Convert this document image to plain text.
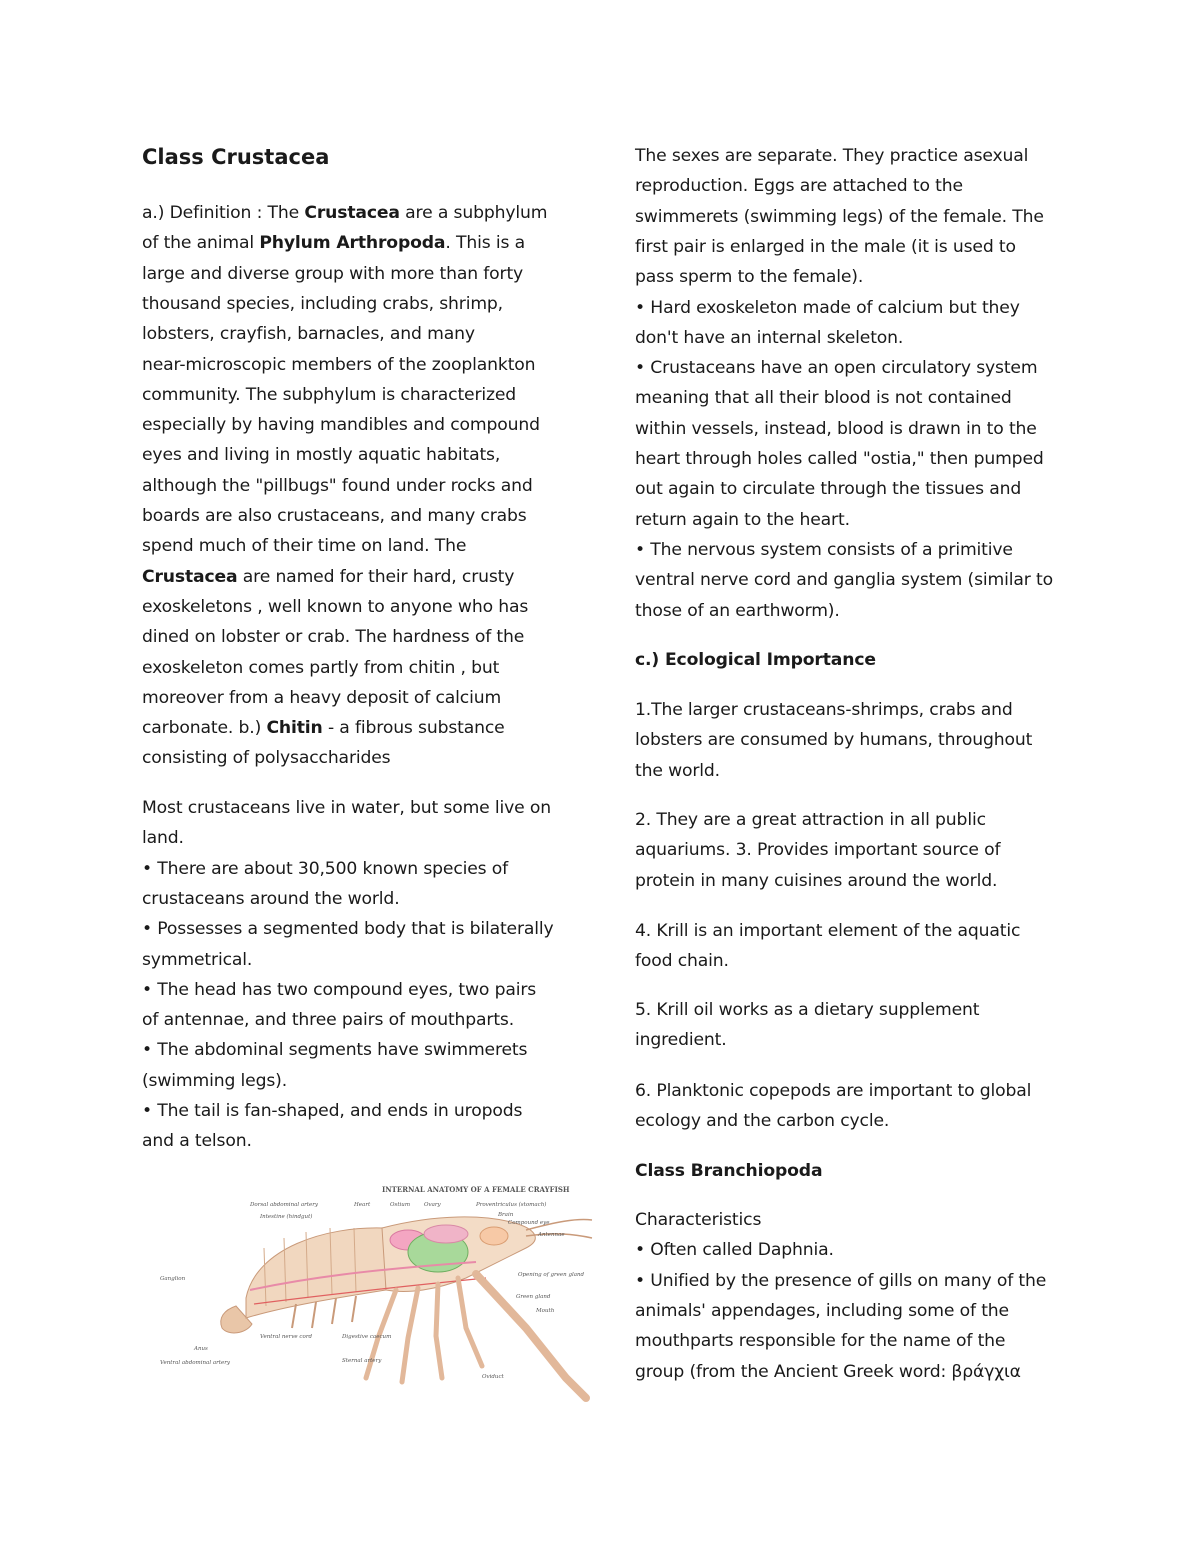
Class Crustacea
a.) Definition : The Crustacea are a subphylum
of the animal Phylum Arthropoda. This is a
large and diverse group with more than forty
thousand species, including crabs, shrimp,
lobsters, crayfish, barnacles, and many
near-microscopic members of the zooplankton
community. The subphylum is characterized
especially by having mandibles and compound
eyes and living in mostly aquatic habitats,
although the "pillbugs" found under rocks and
boards are also crustaceans, and many crabs
spend much of their time on land. The
Crustacea are named for their hard, crusty
exoskeletons , well known to anyone who has
dined on lobster or crab. The hardness of the
exoskeleton comes partly from chitin , but
moreover from a heavy deposit of calcium
carbonate. b.) Chitin - a fibrous substance
consisting of polysaccharides
Most crustaceans live in water, but some live on
land.
• There are about 30,500 known species of
crustaceans around the world.
• Possesses a segmented body that is bilaterally
symmetrical.
• The head has two compound eyes, two pairs
of antennae, and three pairs of mouthparts.
• The abdominal segments have swimmerets
(swimming legs).
• The tail is fan-shaped, and ends in uropods
and a telson.
INTERNAL ANATOMY OF A FEMALE CRAYFISH
Dorsal abdominal artery
Intestine (hindgut)
Heart	Ostium	Ovary	Proventriculus (stomach)
Brain
Compound eye
Antennae
Opening of green gland
Ganglion
Green gland
Mouth
Anus
Ventral nerve cord	Digestive caecum
Ventral abdominal artery	Sternal artery
Oviduct
The sexes are separate. They practice asexual
reproduction. Eggs are attached to the
swimmerets (swimming legs) of the female. The
first pair is enlarged in the male (it is used to
pass sperm to the female).
• Hard exoskeleton made of calcium but they
don't have an internal skeleton.
• Crustaceans have an open circulatory system
meaning that all their blood is not contained
within vessels, instead, blood is drawn in to the
heart through holes called "ostia," then pumped
out again to circulate through the tissues and
return again to the heart.
• The nervous system consists of a primitive
ventral nerve cord and ganglia system (similar to
those of an earthworm).
c.) Ecological Importance
1.The larger crustaceans-shrimps, crabs and
lobsters are consumed by humans, throughout
the world.
2. They are a great attraction in all public
aquariums. 3. Provides important source of
protein in many cuisines around the world.
4. Krill is an important element of the aquatic
food chain.
5. Krill oil works as a dietary supplement
ingredient.
6. Planktonic copepods are important to global
ecology and the carbon cycle.
Class Branchiopoda
Characteristics
• Often called Daphnia.
• Unified by the presence of gills on many of the
animals' appendages, including some of the
mouthparts responsible for the name of the
group (from the Ancient Greek word: βράγχια
